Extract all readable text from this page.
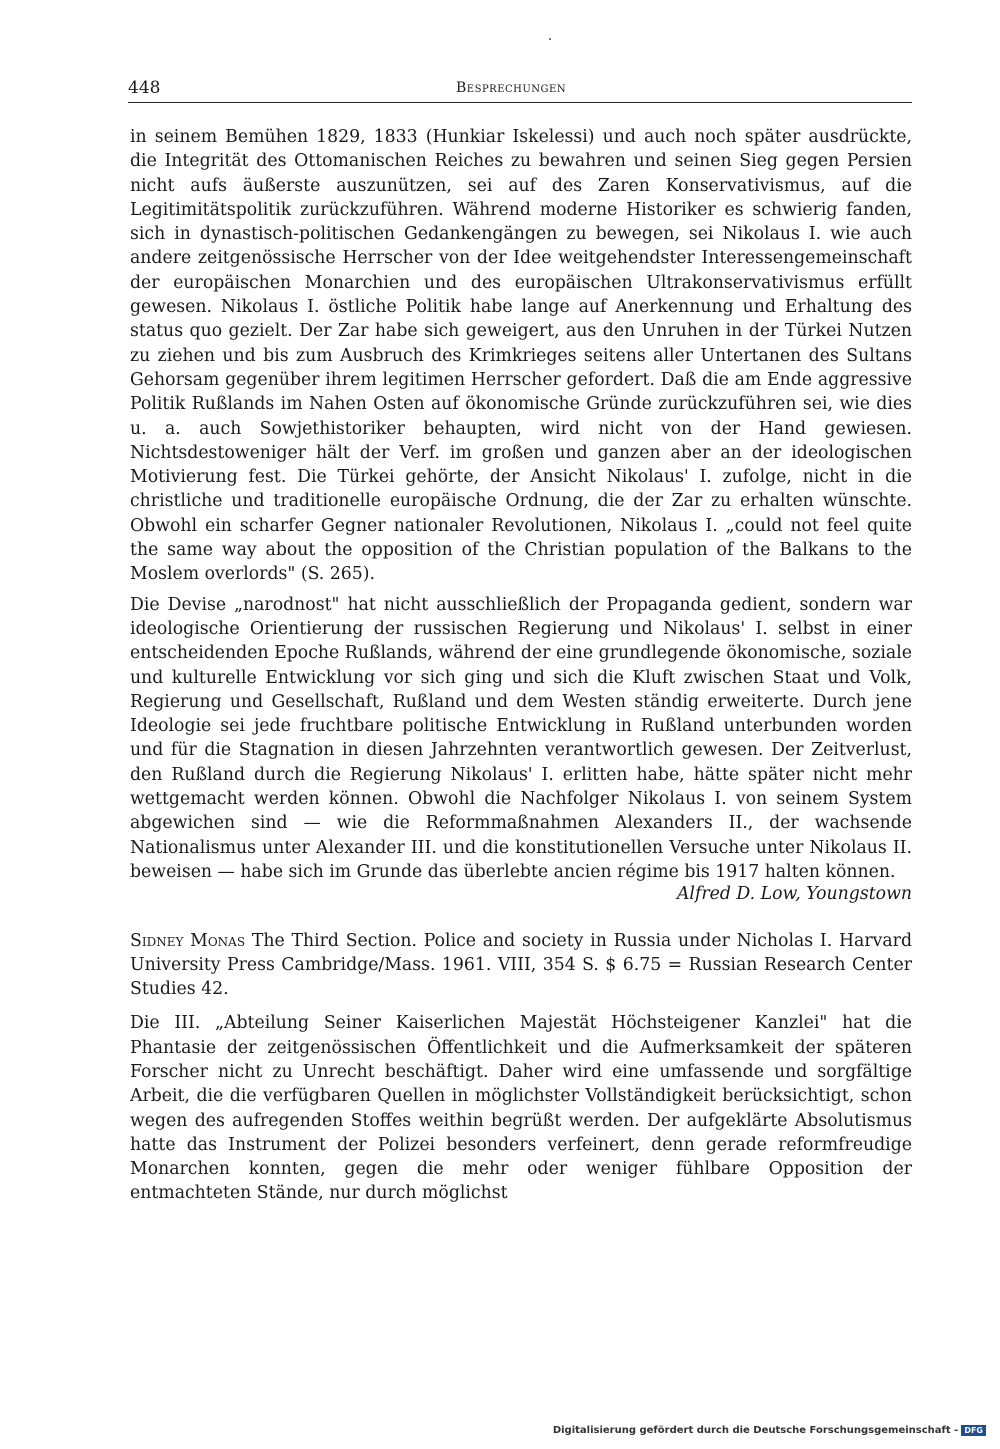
448	Besprechungen

in seinem Bemühen 1829, 1833 (Hunkiar Iskelessi) und auch noch später ausdrückte, die Integrität des Ottomanischen Reiches zu bewahren und seinen Sieg gegen Persien nicht aufs äußerste auszunützen, sei auf des Zaren Konservativismus, auf die Legitimitätspolitik zurückzuführen. Während moderne Historiker es schwierig fanden, sich in dynastisch-politischen Gedankengängen zu bewegen, sei Nikolaus I. wie auch andere zeitgenössische Herrscher von der Idee weitgehendster Interessengemeinschaft der europäischen Monarchien und des europäischen Ultrakonservativismus erfüllt gewesen. Nikolaus I. östliche Politik habe lange auf Anerkennung und Erhaltung des status quo gezielt. Der Zar habe sich geweigert, aus den Unruhen in der Türkei Nutzen zu ziehen und bis zum Ausbruch des Krimkrieges seitens aller Untertanen des Sultans Gehorsam gegenüber ihrem legitimen Herrscher gefordert. Daß die am Ende aggressive Politik Rußlands im Nahen Osten auf ökonomische Gründe zurückzuführen sei, wie dies u. a. auch Sowjethistoriker behaupten, wird nicht von der Hand gewiesen. Nichtsdestoweniger hält der Verf. im großen und ganzen aber an der ideologischen Motivierung fest. Die Türkei gehörte, der Ansicht Nikolaus' I. zufolge, nicht in die christliche und traditionelle europäische Ordnung, die der Zar zu erhalten wünschte. Obwohl ein scharfer Gegner nationaler Revolutionen, Nikolaus I. „could not feel quite the same way about the opposition of the Christian population of the Balkans to the Moslem overlords" (S. 265).

Die Devise „narodnost" hat nicht ausschließlich der Propaganda gedient, sondern war ideologische Orientierung der russischen Regierung und Nikolaus' I. selbst in einer entscheidenden Epoche Rußlands, während der eine grundlegende ökonomische, soziale und kulturelle Entwicklung vor sich ging und sich die Kluft zwischen Staat und Volk, Regierung und Gesellschaft, Rußland und dem Westen ständig erweiterte. Durch jene Ideologie sei jede fruchtbare politische Entwicklung in Rußland unterbunden worden und für die Stagnation in diesen Jahrzehnten verantwortlich gewesen. Der Zeitverlust, den Rußland durch die Regierung Nikolaus' I. erlitten habe, hätte später nicht mehr wettgemacht werden können. Obwohl die Nachfolger Nikolaus I. von seinem System abgewichen sind — wie die Reformmaßnahmen Alexanders II., der wachsende Nationalismus unter Alexander III. und die konstitutionellen Versuche unter Nikolaus II. beweisen — habe sich im Grunde das überlebte ancien régime bis 1917 halten können.

Alfred D. Low, Youngstown

Sidney Monas The Third Section. Police and society in Russia under Nicholas I. Harvard University Press Cambridge/Mass. 1961. VIII, 354 S. $ 6.75 = Russian Research Center Studies 42.

Die III. „Abteilung Seiner Kaiserlichen Majestät Höchsteigener Kanzlei" hat die Phantasie der zeitgenössischen Öffentlichkeit und die Aufmerksamkeit der späteren Forscher nicht zu Unrecht beschäftigt. Daher wird eine umfassende und sorgfältige Arbeit, die die verfügbaren Quellen in möglichster Vollständigkeit berücksichtigt, schon wegen des aufregenden Stoffes weithin begrüßt werden. Der aufgeklärte Absolutismus hatte das Instrument der Polizei besonders verfeinert, denn gerade reformfreudige Monarchen konnten, gegen die mehr oder weniger fühlbare Opposition der entmachteten Stände, nur durch möglichst

Digitalisierung gefördert durch die Deutsche Forschungsgemeinschaft - DFG
